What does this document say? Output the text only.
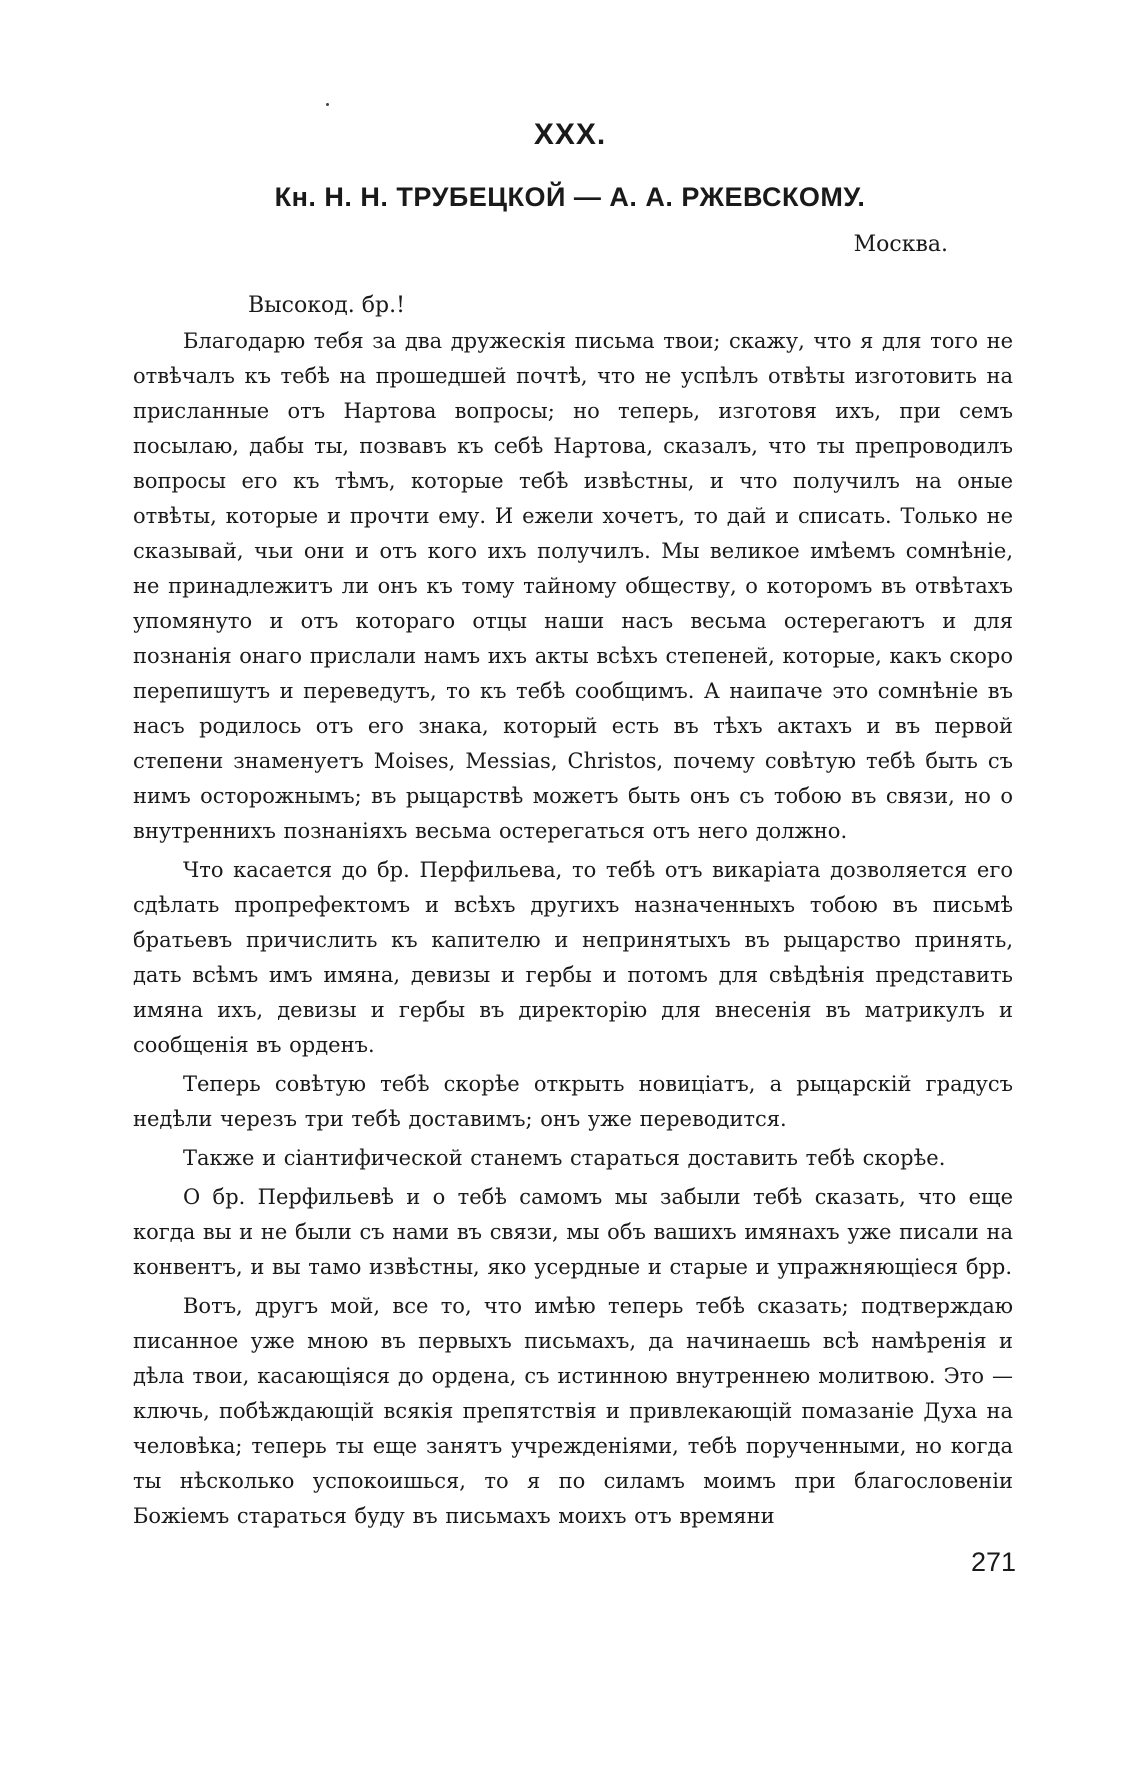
XXX.
Кн. Н. Н. ТРУБЕЦКОЙ — А. А. РЖЕВСКОМУ.

Москва.

Высокод. бр.!

Благодарю тебя за два дружескія письма твои; скажу, что я для того не отвѣчалъ къ тебѣ на прошедшей почтѣ, что не успѣлъ отвѣты изготовить на присланные отъ Нартова вопросы; но теперь, изготовя ихъ, при семъ посылаю, дабы ты, позвавъ къ себѣ Нартова, сказалъ, что ты препроводилъ вопросы его къ тѣмъ, которые тебѣ извѣстны, и что получилъ на оные отвѣты, которые и прочти ему. И ежели хочетъ, то дай и списать. Только не сказывай, чьи они и отъ кого ихъ получилъ. Мы великое имѣемъ сомнѣніе, не принадлежитъ ли онъ къ тому тайному обществу, о которомъ въ отвѣтахъ упомянуто и отъ котораго отцы наши насъ весьма остерегаютъ и для познанія онаго прислали намъ ихъ акты всѣхъ степеней, которые, какъ скоро перепишутъ и переведутъ, то къ тебѣ сообщимъ. А наипаче это сомнѣніе въ насъ родилось отъ его знака, который есть въ тѣхъ актахъ и въ первой степени знаменуетъ Moises, Messias, Christos, почему совѣтую тебѣ быть съ нимъ осторожнымъ; въ рыцарствѣ можетъ быть онъ съ тобою въ связи, но о внутреннихъ познаніяхъ весьма остерегаться отъ него должно.

Что касается до бр. Перфильева, то тебѣ отъ викаріата дозволяется его сдѣлать пропрефектомъ и всѣхъ другихъ назначенныхъ тобою въ письмѣ братьевъ причислить къ капителю и непринятыхъ въ рыцарство принять, дать всѣмъ имъ имяна, девизы и гербы и потомъ для свѣдѣнія представить имяна ихъ, девизы и гербы въ директорію для внесенія въ матрикулъ и сообщенія въ орденъ.

Теперь совѣтую тебѣ скорѣе открыть новиціатъ, а рыцарскій градусъ недѣли черезъ три тебѣ доставимъ; онъ уже переводится.

Также и сіантифической станемъ стараться доставить тебѣ скорѣе.

О бр. Перфильевѣ и о тебѣ самомъ мы забыли тебѣ сказать, что еще когда вы и не были съ нами въ связи, мы объ вашихъ имянахъ уже писали на конвентъ, и вы тамо извѣстны, яко усердные и старые и упражняющіеся брр.

Вотъ, другъ мой, все то, что имѣю теперь тебѣ сказать; подтверждаю писанное уже мною въ первыхъ письмахъ, да начинаешь всѣ намѣренія и дѣла твои, касающіяся до ордена, съ истинною внутреннею молитвою. Это — ключь, побѣждающій всякія препятствія и привлекающій помазаніе Духа на человѣка; теперь ты еще занятъ учрежденіями, тебѣ порученными, но когда ты нѣсколько успокоишься, то я по силамъ моимъ при благословеніи Божіемъ стараться буду въ письмахъ моихъ отъ времяни

271
